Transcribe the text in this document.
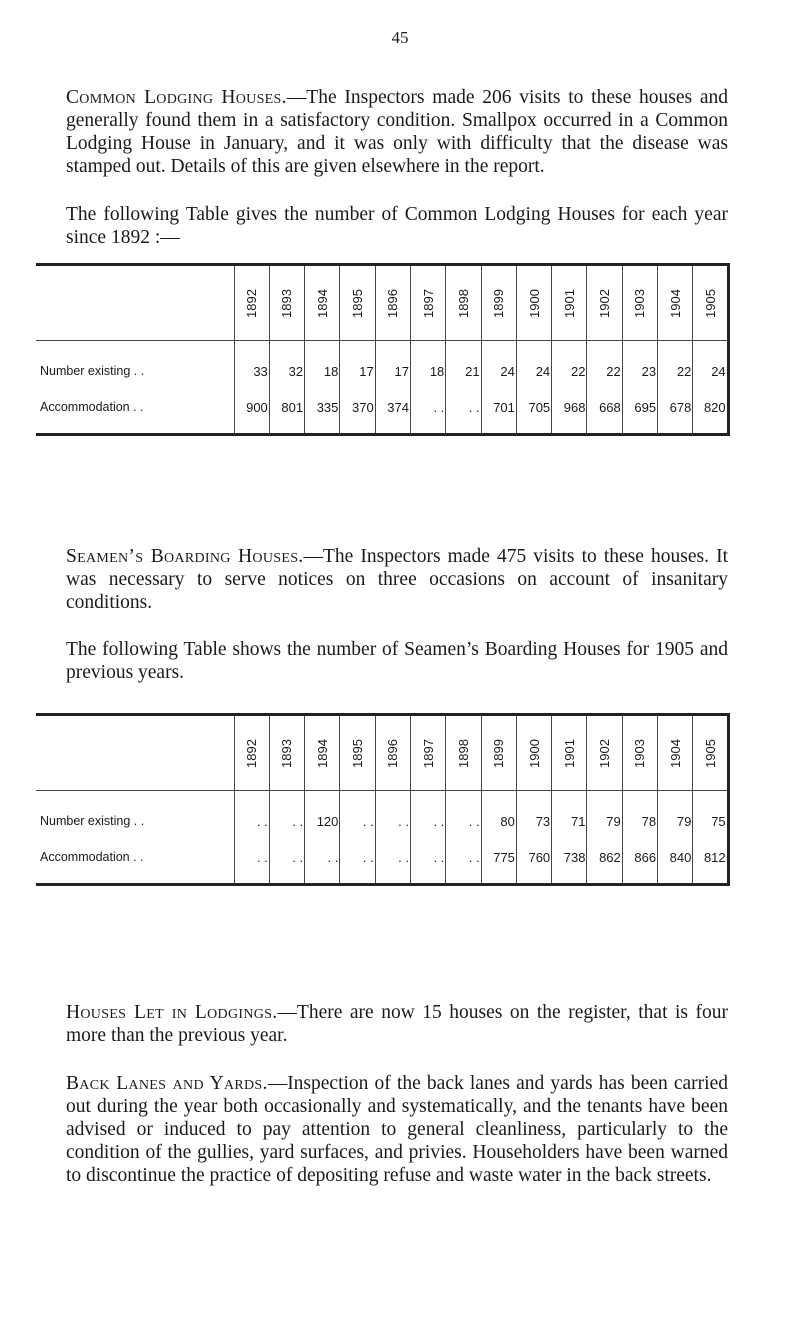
45

Common Lodging Houses.—The Inspectors made 206 visits to these houses and generally found them in a satisfactory condition. Smallpox occurred in a Common Lodging House in January, and it was only with difficulty that the disease was stamped out. Details of this are given elsewhere in the report.

The following Table gives the number of Common Lodging Houses for each year since 1892 :—

	1892	1893	1894	1895	1896	1897	1898	1899	1900	1901	1902	1903	1904	1905
Number existing . .	33	32	18	17	17	18	21	24	24	22	22	23	22	24
Accommodation . .	900	801	335	370	374	. .	. .	701	705	968	668	695	678	820

Seamen’s Boarding Houses.—The Inspectors made 475 visits to these houses. It was necessary to serve notices on three occasions on account of insanitary conditions.

The following Table shows the number of Seamen’s Boarding Houses for 1905 and previous years.

	1892	1893	1894	1895	1896	1897	1898	1899	1900	1901	1902	1903	1904	1905
Number existing . .	. .	. .	120	. .	. .	. .	. .	80	73	71	79	78	79	75
Accommodation . .	. .	. .	. .	. .	. .	. .	. .	775	760	738	862	866	840	812

Houses Let in Lodgings.—There are now 15 houses on the register, that is four more than the previous year.

Back Lanes and Yards.—Inspection of the back lanes and yards has been carried out during the year both occasionally and systematically, and the tenants have been advised or induced to pay attention to general cleanliness, particularly to the condition of the gullies, yard surfaces, and privies. Householders have been warned to discontinue the practice of depositing refuse and waste water in the back streets.
